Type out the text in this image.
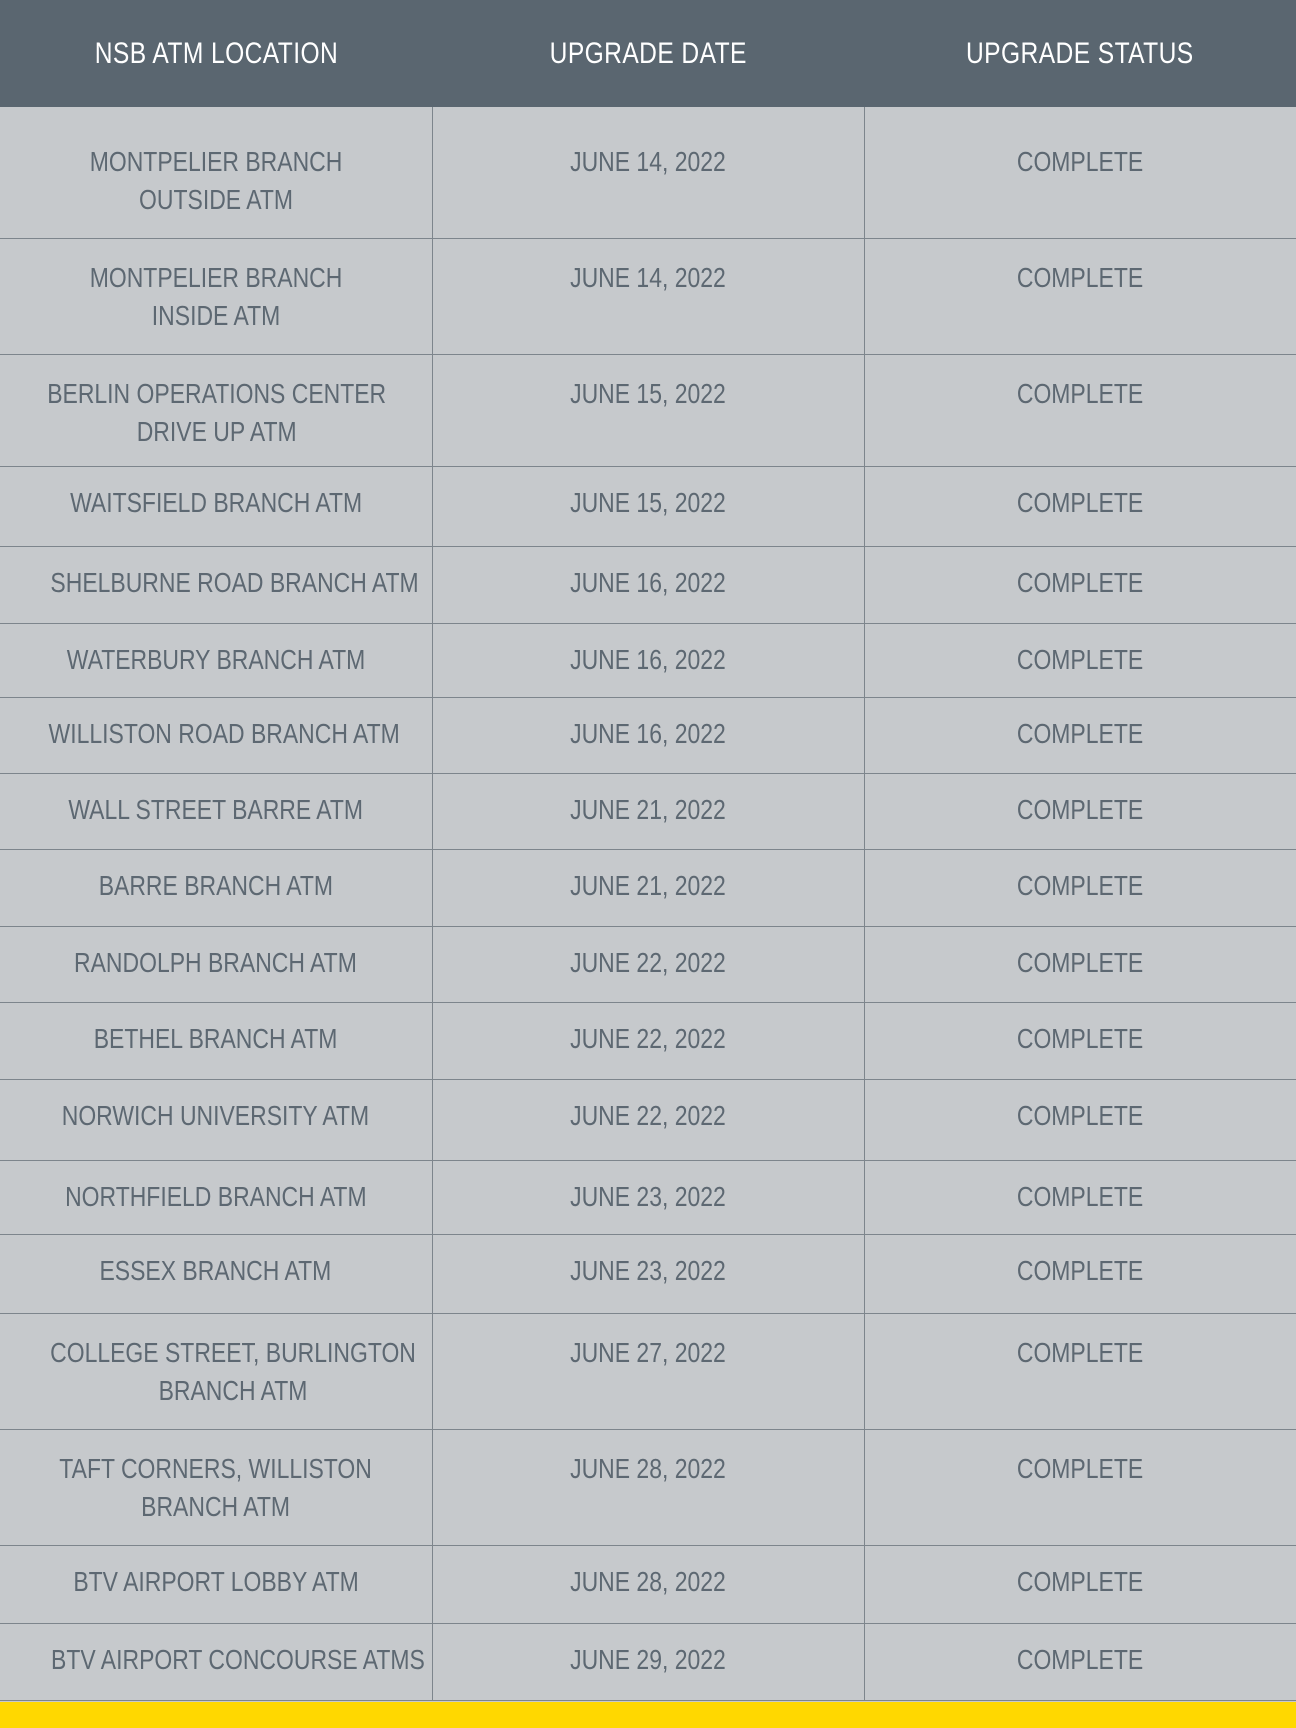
NSB ATM LOCATION	UPGRADE DATE	UPGRADE STATUS

MONTPELIER BRANCH
OUTSIDE ATM	JUNE 14, 2022	COMPLETE

MONTPELIER BRANCH
INSIDE ATM	JUNE 14, 2022	COMPLETE

BERLIN OPERATIONS CENTER
DRIVE UP ATM	JUNE 15, 2022	COMPLETE

WAITSFIELD BRANCH ATM	JUNE 15, 2022	COMPLETE

SHELBURNE ROAD BRANCH ATM	JUNE 16, 2022	COMPLETE

WATERBURY BRANCH ATM	JUNE 16, 2022	COMPLETE

WILLISTON ROAD BRANCH ATM	JUNE 16, 2022	COMPLETE

WALL STREET BARRE ATM	JUNE 21, 2022	COMPLETE

BARRE BRANCH ATM	JUNE 21, 2022	COMPLETE

RANDOLPH BRANCH ATM	JUNE 22, 2022	COMPLETE

BETHEL BRANCH ATM	JUNE 22, 2022	COMPLETE

NORWICH UNIVERSITY ATM	JUNE 22, 2022	COMPLETE

NORTHFIELD BRANCH ATM	JUNE 23, 2022	COMPLETE

ESSEX BRANCH ATM	JUNE 23, 2022	COMPLETE

COLLEGE STREET, BURLINGTON
BRANCH ATM	JUNE 27, 2022	COMPLETE

TAFT CORNERS, WILLISTON
BRANCH ATM	JUNE 28, 2022	COMPLETE

BTV AIRPORT LOBBY ATM	JUNE 28, 2022	COMPLETE

BTV AIRPORT CONCOURSE ATMS	JUNE 29, 2022	COMPLETE
